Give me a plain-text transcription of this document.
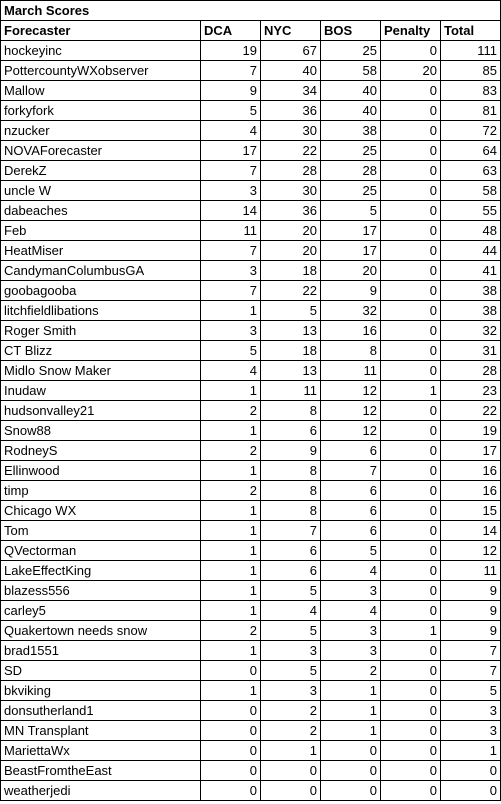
March Scores					
Forecaster	DCA	NYC	BOS	Penalty	Total
hockeyinc	19	67	25	0	111
PottercountyWXobserver	7	40	58	20	85
Mallow	9	34	40	0	83
forkyfork	5	36	40	0	81
nzucker	4	30	38	0	72
NOVAForecaster	17	22	25	0	64
DerekZ	7	28	28	0	63
uncle W	3	30	25	0	58
dabeaches	14	36	5	0	55
Feb	11	20	17	0	48
HeatMiser	7	20	17	0	44
CandymanColumbusGA	3	18	20	0	41
goobagooba	7	22	9	0	38
litchfieldlibations	1	5	32	0	38
Roger Smith	3	13	16	0	32
CT Blizz	5	18	8	0	31
Midlo Snow Maker	4	13	11	0	28
Inudaw	1	11	12	1	23
hudsonvalley21	2	8	12	0	22
Snow88	1	6	12	0	19
RodneyS	2	9	6	0	17
Ellinwood	1	8	7	0	16
timp	2	8	6	0	16
Chicago WX	1	8	6	0	15
Tom	1	7	6	0	14
QVectorman	1	6	5	0	12
LakeEffectKing	1	6	4	0	11
blazess556	1	5	3	0	9
carley5	1	4	4	0	9
Quakertown needs snow	2	5	3	1	9
brad1551	1	3	3	0	7
SD	0	5	2	0	7
bkviking	1	3	1	0	5
donsutherland1	0	2	1	0	3
MN Transplant	0	2	1	0	3
MariettaWx	0	1	0	0	1
BeastFromtheEast	0	0	0	0	0
weatherjedi	0	0	0	0	0
